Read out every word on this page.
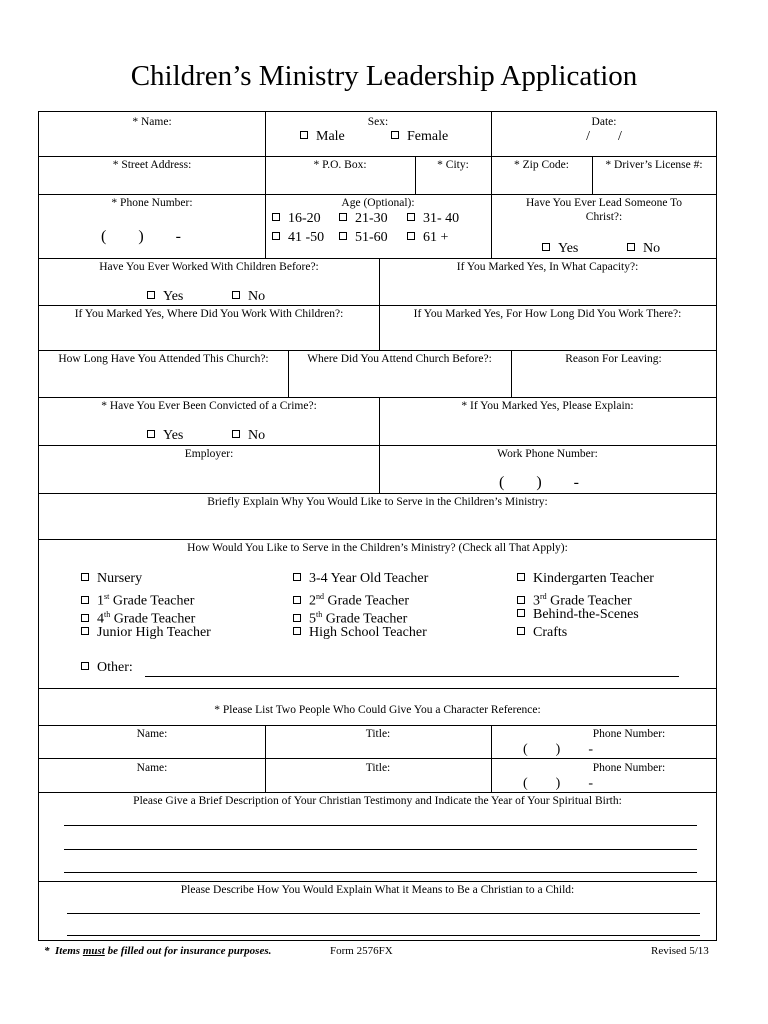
Children’s Ministry Leadership Application
* Name:	Sex:
Male	Female
Date:
/        /
* Street Address:	* P.O. Box:	* City:	* Zip Code:	* Driver’s License #:
* Phone Number:
(        )        -
Age (Optional):
16-20	21-30	31- 40
41 -50	51-60	61 +
Have You Ever Lead Someone To Christ?:
Yes	No
Have You Ever Worked With Children Before?:
Yes	No
If You Marked Yes, In What Capacity?:
If You Marked Yes, Where Did You Work With Children?:	If You Marked Yes, For How Long Did You Work There?:
How Long Have You Attended This Church?:	Where Did You Attend Church Before?:	Reason For Leaving:
* Have You Ever Been Convicted of a Crime?:
Yes	No
* If You Marked Yes, Please Explain:
Employer:	Work Phone Number:
(        )        -
Briefly Explain Why You Would Like to Serve in the Children’s Ministry:
How Would You Like to Serve in the Children’s Ministry? (Check all That Apply):
Nursery
1st Grade Teacher
4th Grade Teacher
Junior High Teacher
3-4 Year Old Teacher
2nd Grade Teacher
5th Grade Teacher
High School Teacher
Kindergarten Teacher
3rd Grade Teacher
Behind-the-Scenes
Crafts
Other:
* Please List Two People Who Could Give You a Character Reference:
Name:	Title:	Phone Number:
(        )        -
Name:	Title:	Phone Number:
(        )        -
Please Give a Brief Description of Your Christian Testimony and Indicate the Year of Your Spiritual Birth:
Please Describe How You Would Explain What it Means to Be a Christian to a Child:
* Items must be filled out for insurance purposes.	Form 2576FX	Revised 5/13
